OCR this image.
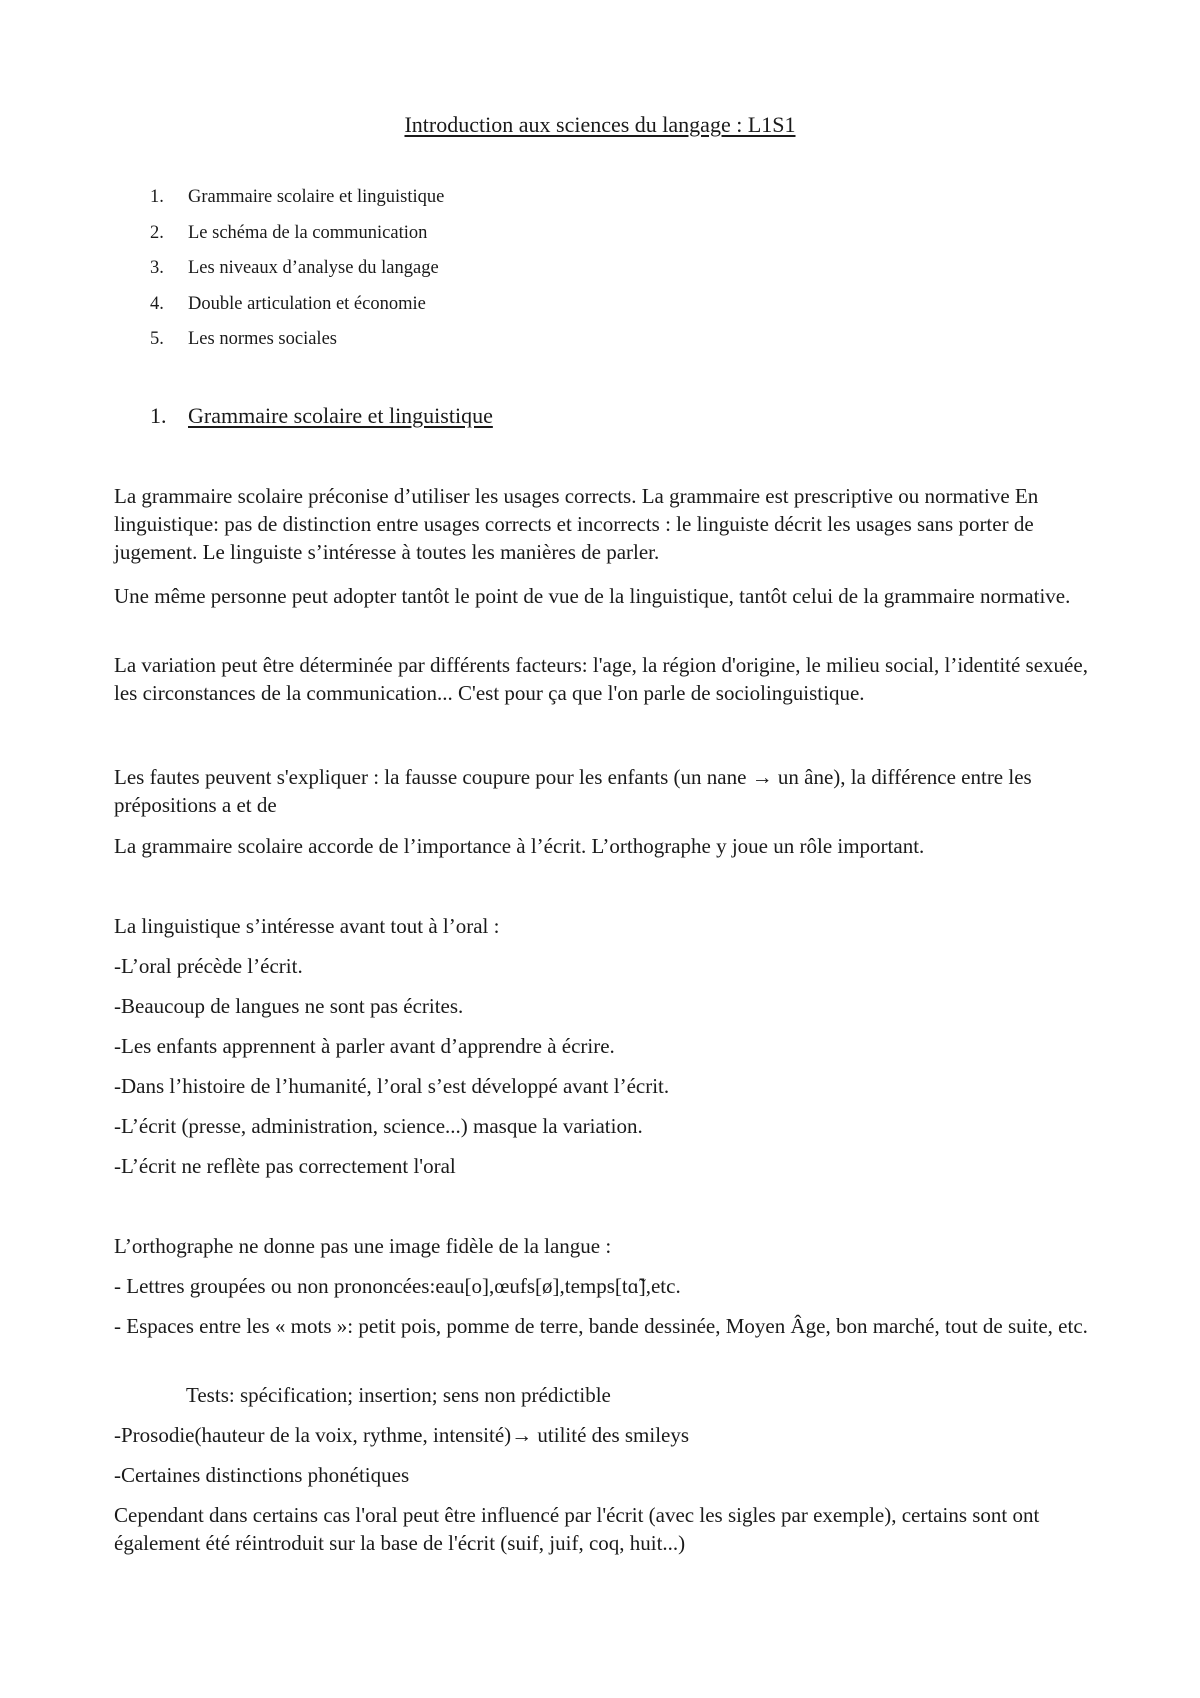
Introduction aux sciences du langage : L1S1
1. Grammaire scolaire et linguistique
2. Le schéma de la communication
3. Les niveaux d’analyse du langage
4. Double articulation et économie
5. Les normes sociales
1. Grammaire scolaire et linguistique

La grammaire scolaire préconise d’utiliser les usages corrects. La grammaire est prescriptive ou normative En linguistique: pas de distinction entre usages corrects et incorrects : le linguiste décrit les usages sans porter de jugement. Le linguiste s’intéresse à toutes les manières de parler.

Une même personne peut adopter tantôt le point de vue de la linguistique, tantôt celui de la grammaire normative.

La variation peut être déterminée par différents facteurs: l'age, la région d'origine, le milieu social, l’identité sexuée, les circonstances de la communication... C'est pour ça que l'on parle de sociolinguistique.

Les fautes peuvent s'expliquer : la fausse coupure pour les enfants (un nane → un âne), la différence entre les prépositions a et de

La grammaire scolaire accorde de l’importance à l’écrit. L’orthographe y joue un rôle important.

La linguistique s’intéresse avant tout à l’oral :

-L’oral précède l’écrit.

-Beaucoup de langues ne sont pas écrites.

-Les enfants apprennent à parler avant d’apprendre à écrire.

-Dans l’histoire de l’humanité, l’oral s’est développé avant l’écrit.

-L’écrit (presse, administration, science...) masque la variation.

-L’écrit ne reflète pas correctement l'oral

L’orthographe ne donne pas une image fidèle de la langue :

- Lettres groupées ou non prononcées:eau[o],œufs[ø],temps[tɑ̃],etc.

- Espaces entre les « mots »: petit pois, pomme de terre, bande dessinée, Moyen Âge, bon marché, tout de suite, etc.

Tests: spécification; insertion; sens non prédictible

-Prosodie(hauteur de la voix, rythme, intensité)→ utilité des smileys

-Certaines distinctions phonétiques

Cependant dans certains cas l'oral peut être influencé par l'écrit (avec les sigles par exemple), certains sont ont également été réintroduit sur la base de l'écrit (suif, juif, coq, huit...)
